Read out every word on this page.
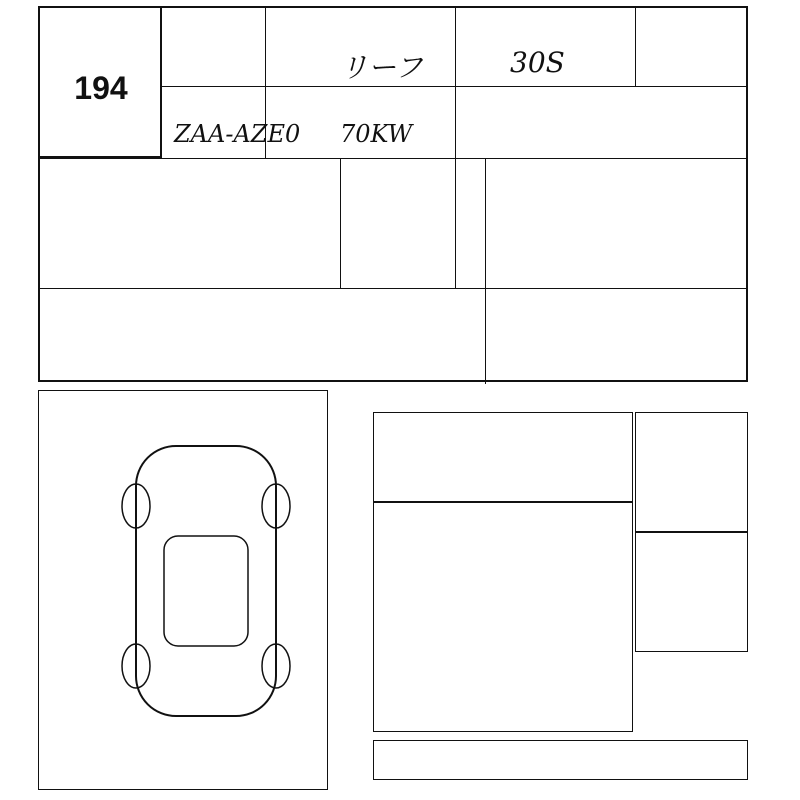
194
リーフ	30S
ZAA-AZE0 70KW
